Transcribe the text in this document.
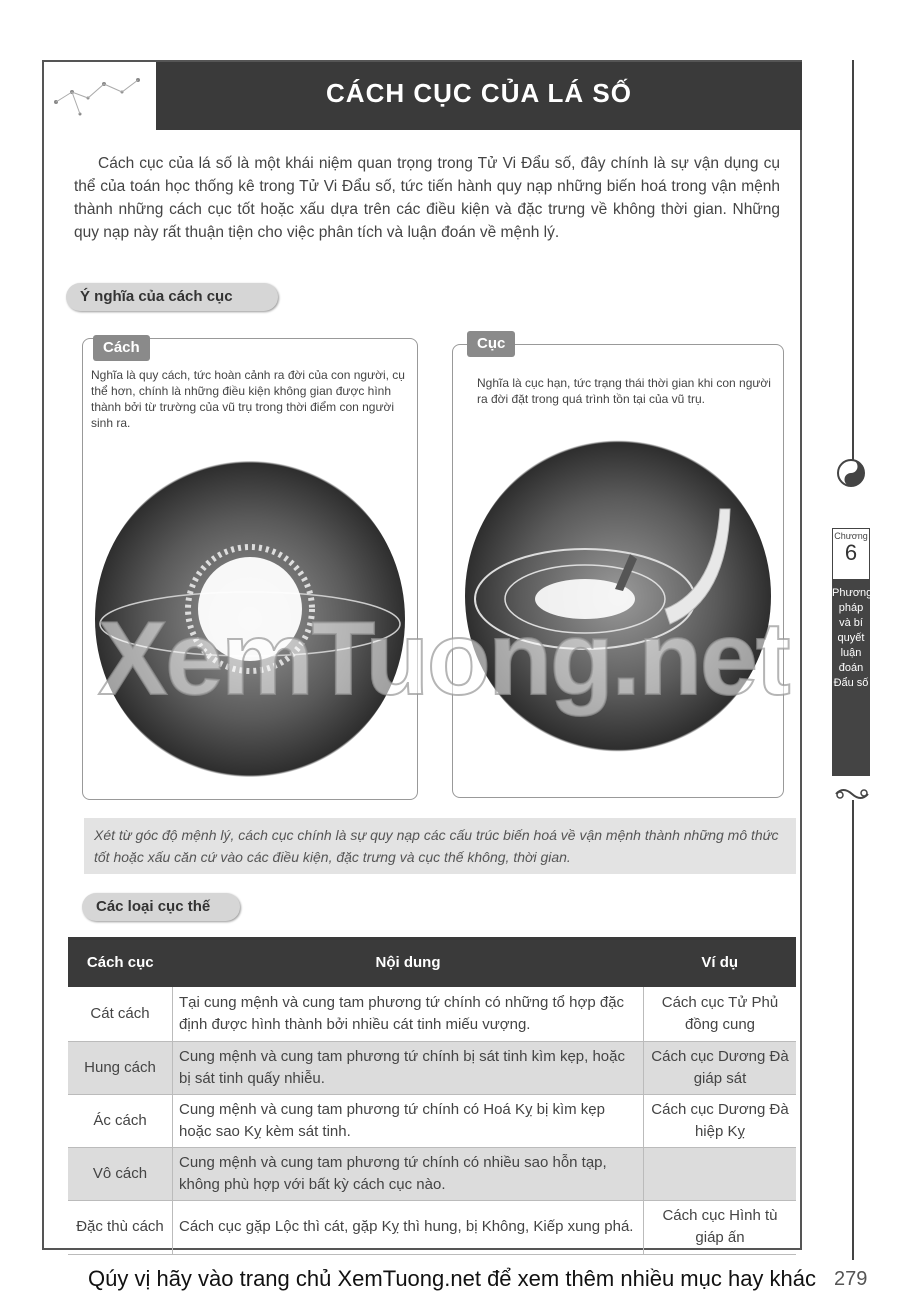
Chương
6
Phương pháp và bí quyết luận đoán Đẩu số
CÁCH CỤC CỦA LÁ SỐ
Cách cục của lá số là một khái niệm quan trọng trong Tử Vi Đẩu số, đây chính là sự vận dụng cụ thể của toán học thống kê trong Tử Vi Đẩu số, tức tiến hành quy nạp những biến hoá trong vận mệnh thành những cách cục tốt hoặc xấu dựa trên các điều kiện và đặc trưng về không thời gian. Những quy nạp này rất thuận tiện cho việc phân tích và luận đoán về mệnh lý.
Ý nghĩa của cách cục
Cách
Nghĩa là quy cách, tức hoàn cảnh ra đời của con người, cụ thể hơn, chính là những điều kiện không gian được hình thành bởi từ trường của vũ trụ trong thời điểm con người sinh ra.
Cục
Nghĩa là cục hạn, tức trạng thái thời gian khi con người ra đời đặt trong quá trình tồn tại của vũ trụ.
XemTuong.net
Xét từ góc độ mệnh lý, cách cục chính là sự quy nạp các cấu trúc biến hoá về vận mệnh thành những mô thức tốt hoặc xấu căn cứ vào các điều kiện, đặc trưng và cục thế không, thời gian.
Các loại cục thế
Cách cục	Nội dung	Ví dụ
Cát cách	Tại cung mệnh và cung tam phương tứ chính có những tổ hợp đặc định được hình thành bởi nhiều cát tinh miếu vượng.	Cách cục Tử Phủ đồng cung
Hung cách	Cung mệnh và cung tam phương tứ chính bị sát tinh kìm kẹp, hoặc bị sát tinh quấy nhiễu.	Cách cục Dương Đà giáp sát
Ác cách	Cung mệnh và cung tam phương tứ chính có Hoá Kỵ bị kìm kẹp hoặc sao Kỵ kèm sát tinh.	Cách cục Dương Đà hiệp Kỵ
Vô cách	Cung mệnh và cung tam phương tứ chính có nhiều sao hỗn tạp, không phù hợp với bất kỳ cách cục nào.	
Đặc thù cách	Cách cục gặp Lộc thì cát, gặp Kỵ thì hung, bị Không, Kiếp xung phá.	Cách cục Hình tù giáp ấn
Qúy vị hãy vào trang chủ XemTuong.net để xem thêm nhiều mục hay khác 279
